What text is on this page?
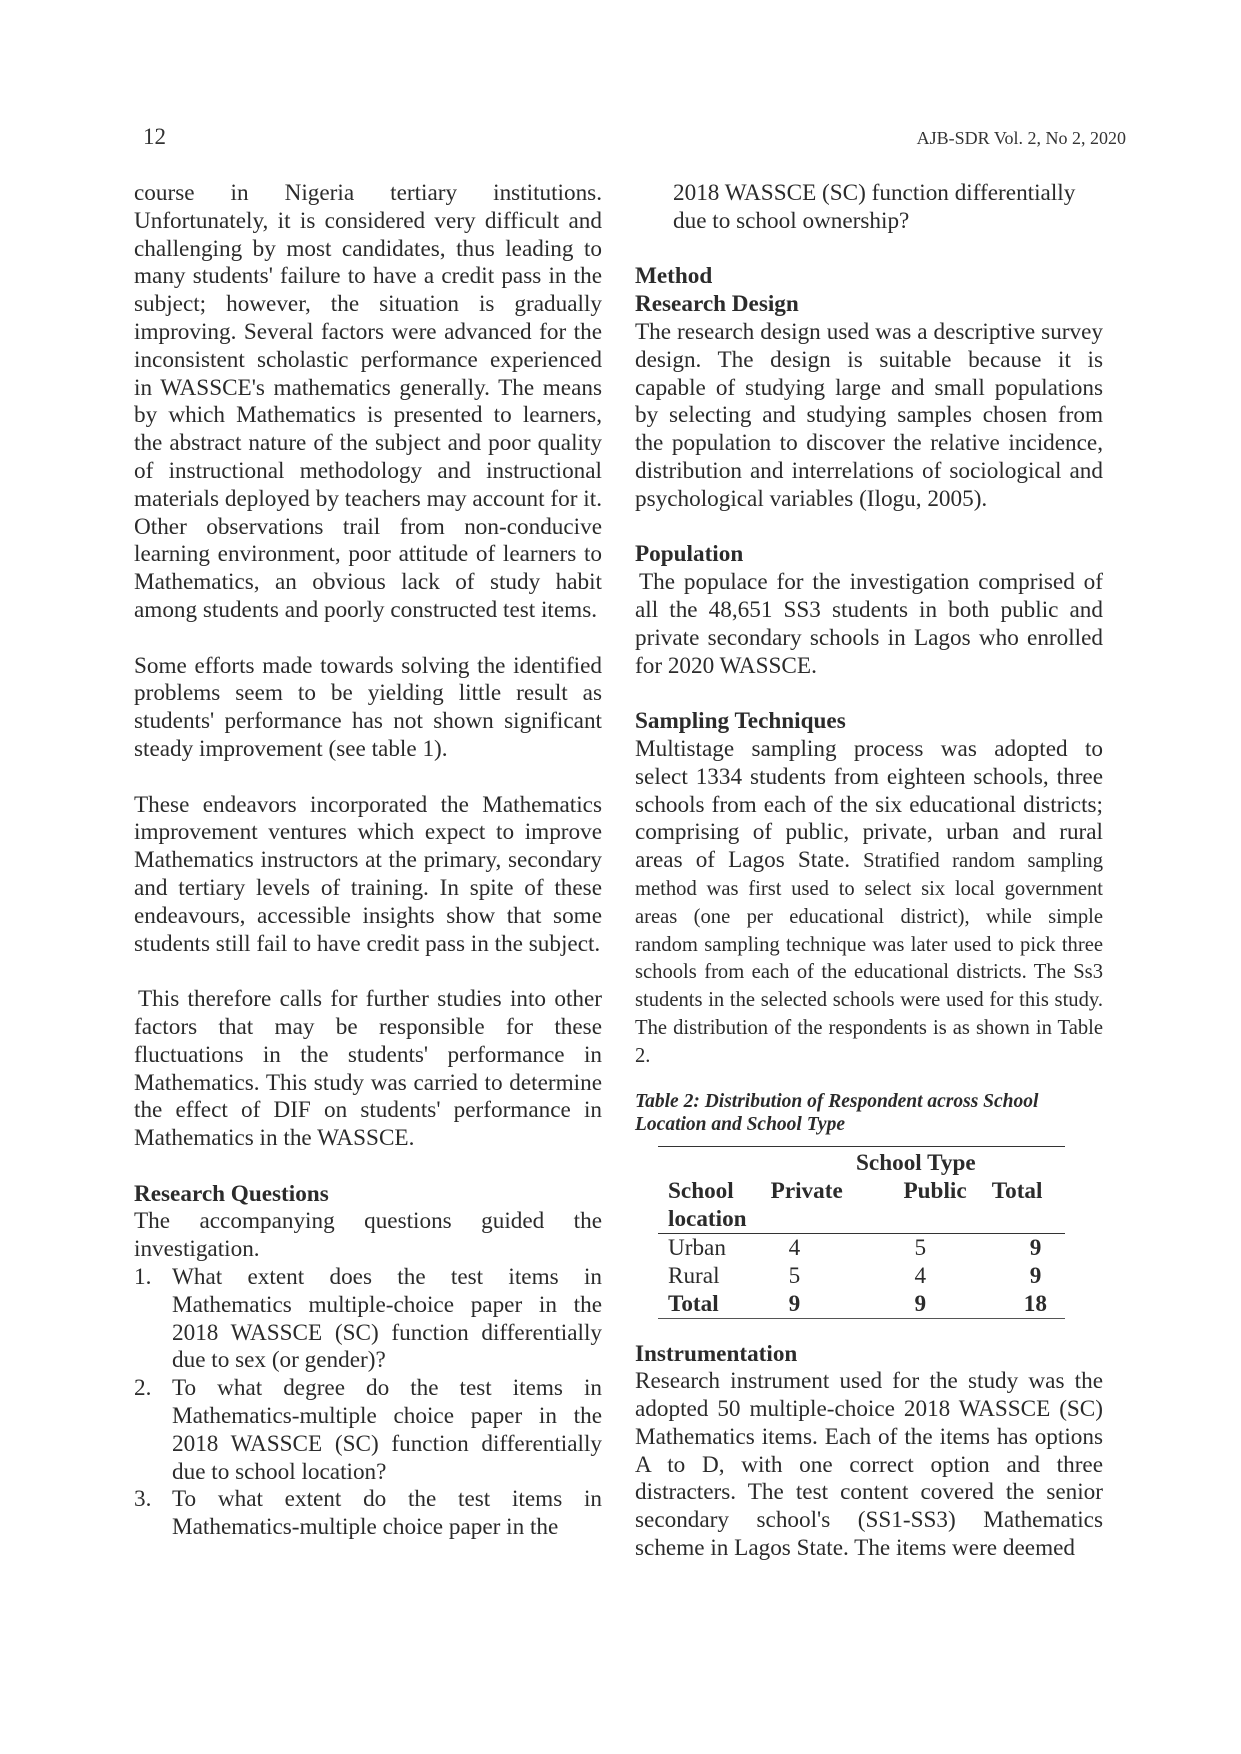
12	AJB-SDR Vol. 2, No 2, 2020

course in Nigeria tertiary institutions. Unfortunately, it is considered very difficult and challenging by most candidates, thus leading to many students' failure to have a credit pass in the subject; however, the situation is gradually improving. Several factors were advanced for the inconsistent scholastic performance experienced in WASSCE's mathematics generally. The means by which Mathematics is presented to learners, the abstract nature of the subject and poor quality of instructional methodology and instructional materials deployed by teachers may account for it. Other observations trail from non-conducive learning environment, poor attitude of learners to Mathematics, an obvious lack of study habit among students and poorly constructed test items.

Some efforts made towards solving the identified problems seem to be yielding little result as students' performance has not shown significant steady improvement (see table 1).

These endeavors incorporated the Mathematics improvement ventures which expect to improve Mathematics instructors at the primary, secondary and tertiary levels of training. In spite of these endeavours, accessible insights show that some students still fail to have credit pass in the subject.

This therefore calls for further studies into other factors that may be responsible for these fluctuations in the students' performance in Mathematics. This study was carried to determine the effect of DIF on students' performance in Mathematics in the WASSCE.

Research Questions

The accompanying questions guided the investigation.

1. What extent does the test items in Mathematics multiple-choice paper in the 2018 WASSCE (SC) function differentially due to sex (or gender)?
2. To what degree do the test items in Mathematics-multiple choice paper in the 2018 WASSCE (SC) function differentially due to school location?
3. To what extent do the test items in Mathematics-multiple choice paper in the

2018 WASSCE (SC) function differentially due to school ownership?

Method
Research Design

The research design used was a descriptive survey design. The design is suitable because it is capable of studying large and small populations by selecting and studying samples chosen from the population to discover the relative incidence, distribution and interrelations of sociological and psychological variables (Ilogu, 2005).

Population

The populace for the investigation comprised of all the 48,651 SS3 students in both public and private secondary schools in Lagos who enrolled for 2020 WASSCE.

Sampling Techniques

Multistage sampling process was adopted to select 1334 students from eighteen schools, three schools from each of the six educational districts; comprising of public, private, urban and rural areas of Lagos State. Stratified random sampling method was first used to select six local government areas (one per educational district), while simple random sampling technique was later used to pick three schools from each of the educational districts. The Ss3 students in the selected schools were used for this study. The distribution of the respondents is as shown in Table 2.

Table 2: Distribution of Respondent across School Location and School Type
	School Type		
School location	Private	Public	Total
Urban	4	5	9
Rural	5	4	9
Total	9	9	18
Instrumentation

Research instrument used for the study was the adopted 50 multiple-choice 2018 WASSCE (SC) Mathematics items. Each of the items has options A to D, with one correct option and three distracters. The test content covered the senior secondary school's (SS1-SS3) Mathematics scheme in Lagos State. The items were deemed
